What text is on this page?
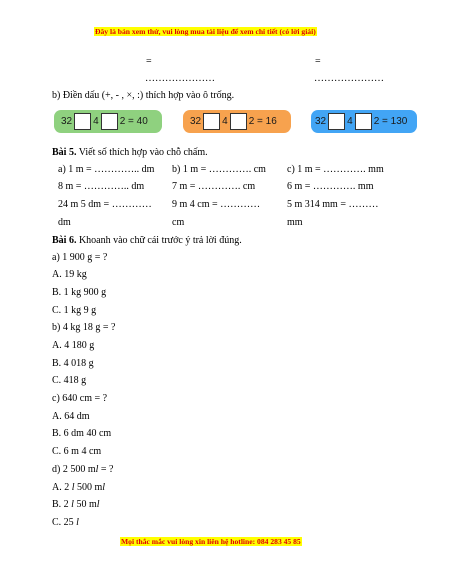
Đây là bản xem thử, vui lòng mua tài liệu để xem chi tiết (có lời giải)
=	=
…………………	…………………
b) Điền dấu (+, - , ×, :) thích hợp vào ô trống.
32 4 2 = 40	32 4 2 = 16	32 4 2 = 130
Bài 5. Viết số thích hợp vào chỗ chấm.
a) 1 m = ………….. dm b) 1 m = …………. cm c) 1 m = …………. mm
8 m = ………….. dm	7 m = …………. cm	6 m = …………. mm
24 m 5 dm = ………… 9 m 4 cm = …………	5 m 314 mm = ………
dm	cm	mm
Bài 6. Khoanh vào chữ cái trước ý trả lời đúng.
a) 1 900 g = ?
A. 19 kg
B. 1 kg 900 g
C. 1 kg 9 g
b) 4 kg 18 g = ?
A. 4 180 g
B. 4 018 g
C. 418 g
c) 640 cm = ?
A. 64 dm
B. 6 dm 40 cm
C. 6 m 4 cm
d) 2 500 ml = ?
A. 2 l 500 ml
B. 2 l 50 ml
C. 25 l
Mọi thắc mắc vui lòng xin liên hệ hotline: 084 283 45 85
